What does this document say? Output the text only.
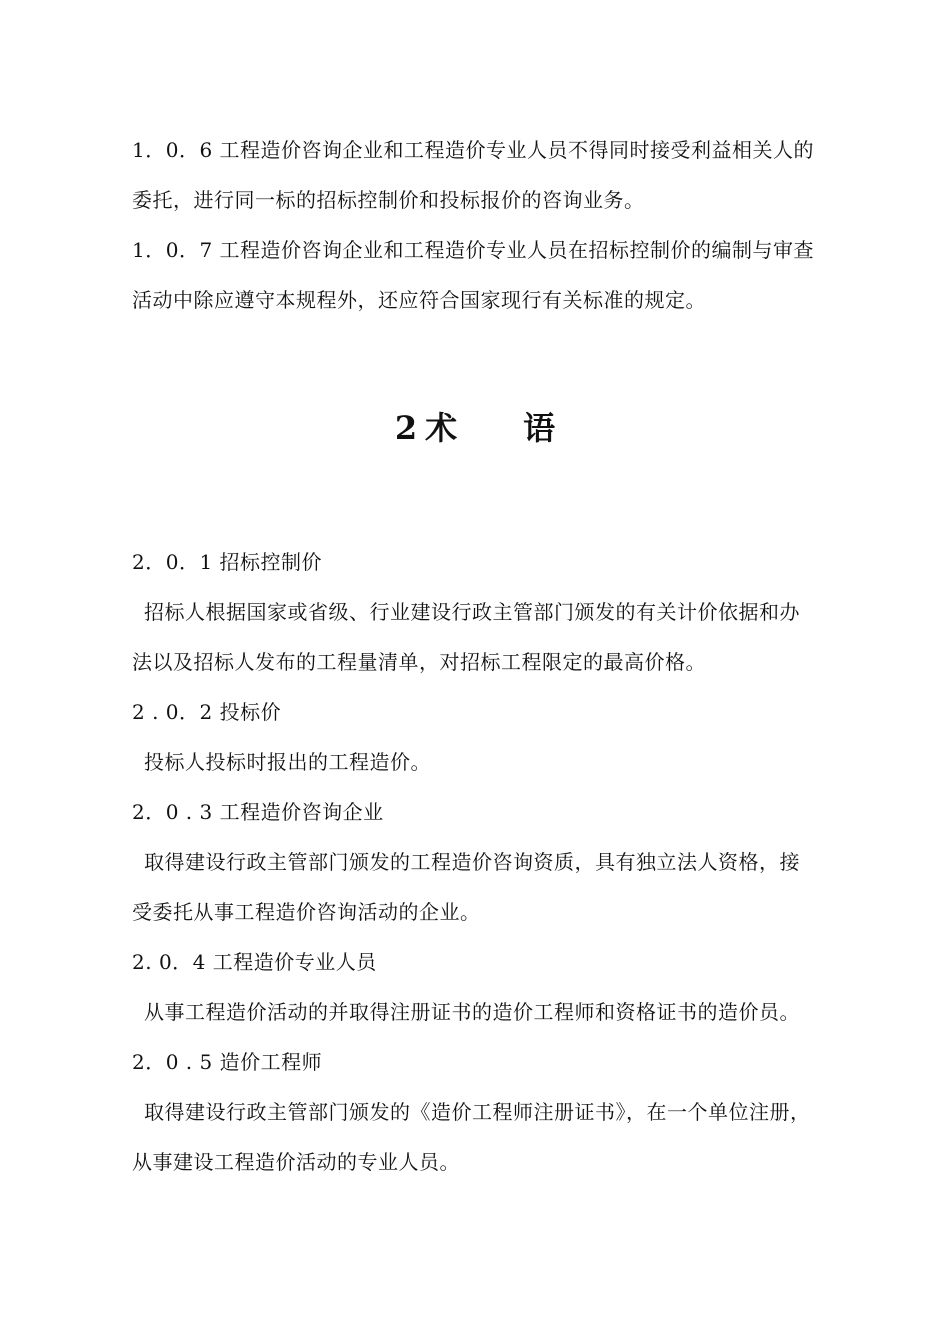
1．0．6 工程造价咨询企业和工程造价专业人员不得同时接受利益相关人的
委托，进行同一标的招标控制价和投标报价的咨询业务。
1．0．7 工程造价咨询企业和工程造价专业人员在招标控制价的编制与审查
活动中除应遵守本规程外，还应符合国家现行有关标准的规定。
2 术 语
2．0．1 招标控制价
招标人根据国家或省级、行业建设行政主管部门颁发的有关计价依据和办
法以及招标人发布的工程量清单，对招标工程限定的最高价格。
2 . 0．2 投标价
投标人投标时报出的工程造价。
2．0 . 3 工程造价咨询企业
取得建设行政主管部门颁发的工程造价咨询资质，具有独立法人资格，接
受委托从事工程造价咨询活动的企业。
2. 0．4 工程造价专业人员
从事工程造价活动的并取得注册证书的造价工程师和资格证书的造价员。
2．0 . 5 造价工程师
取得建设行政主管部门颁发的《造价工程师注册证书》，在一个单位注册，
从事建设工程造价活动的专业人员。
